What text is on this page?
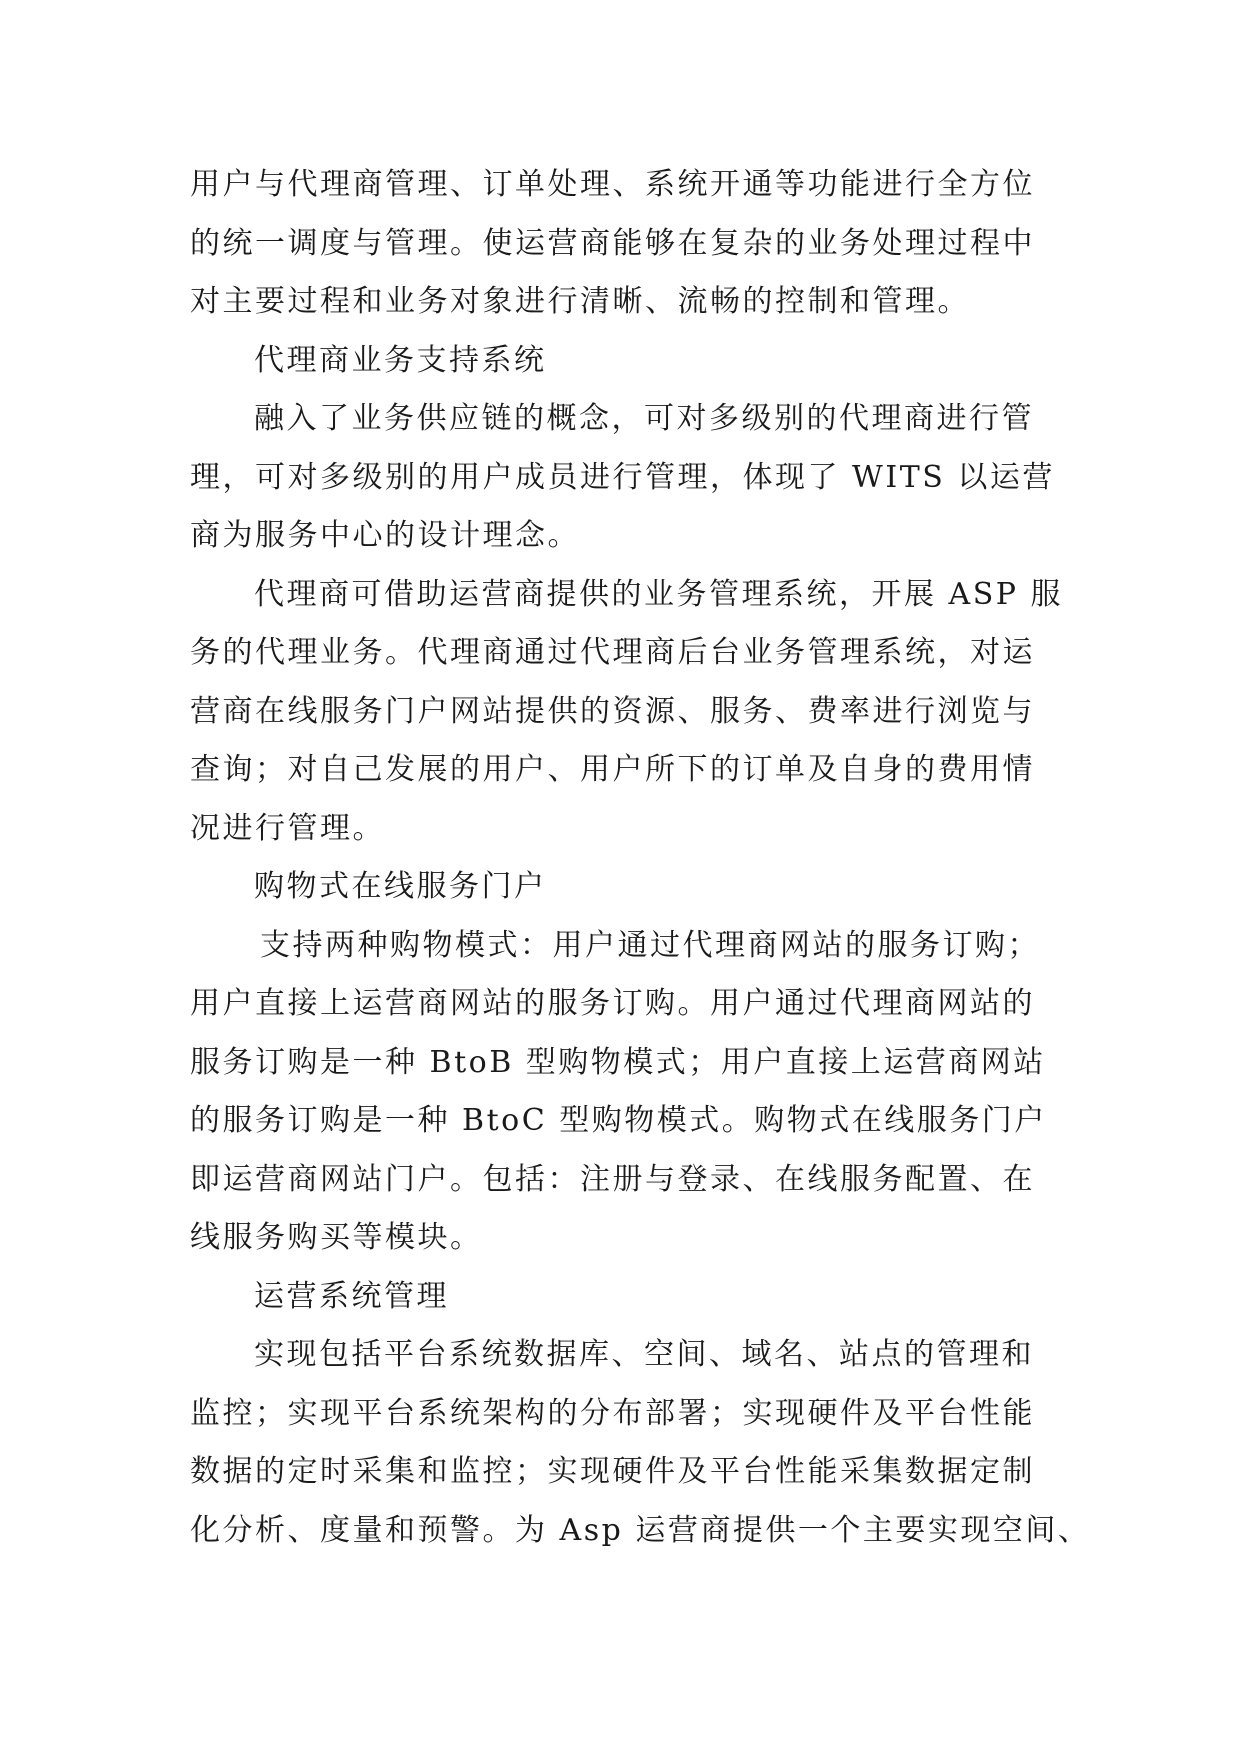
用户与代理商管理、订单处理、系统开通等功能进行全方位
的统一调度与管理。使运营商能够在复杂的业务处理过程中
对主要过程和业务对象进行清晰、流畅的控制和管理。
代理商业务支持系统
融入了业务供应链的概念，可对多级别的代理商进行管
理，可对多级别的用户成员进行管理，体现了 WITS 以运营
商为服务中心的设计理念。
代理商可借助运营商提供的业务管理系统，开展 ASP 服
务的代理业务。代理商通过代理商后台业务管理系统，对运
营商在线服务门户网站提供的资源、服务、费率进行浏览与
查询；对自己发展的用户、用户所下的订单及自身的费用情
况进行管理。
购物式在线服务门户
支持两种购物模式：用户通过代理商网站的服务订购；
用户直接上运营商网站的服务订购。用户通过代理商网站的
服务订购是一种 BtoB 型购物模式；用户直接上运营商网站
的服务订购是一种 BtoC 型购物模式。购物式在线服务门户
即运营商网站门户。包括：注册与登录、在线服务配置、在
线服务购买等模块。
运营系统管理
实现包括平台系统数据库、空间、域名、站点的管理和
监控；实现平台系统架构的分布部署；实现硬件及平台性能
数据的定时采集和监控；实现硬件及平台性能采集数据定制
化分析、度量和预警。为 Asp 运营商提供一个主要实现空间、
